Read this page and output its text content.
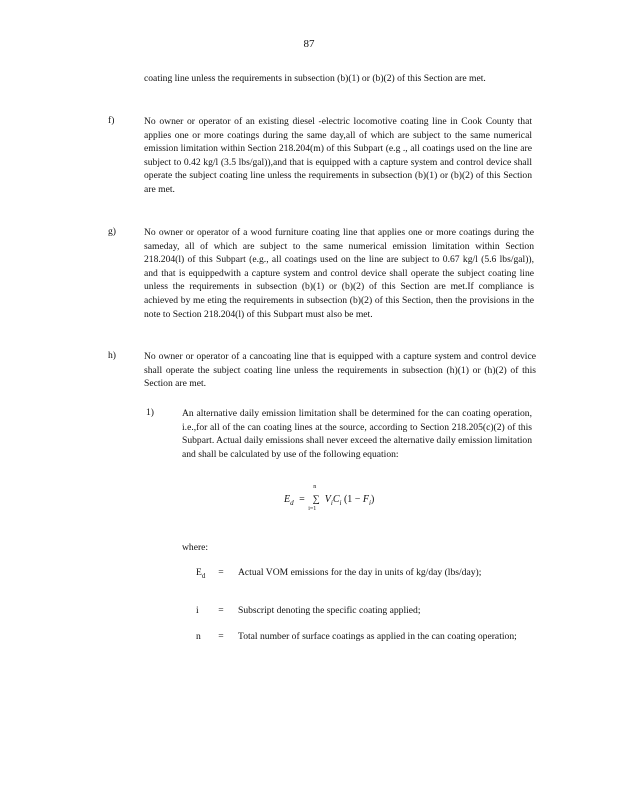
87
coating line unless the requirements in subsection (b)(1) or (b)(2) of this Section are met.
f)	No owner or operator of an existing diesel -electric locomotive coating line in Cook County that applies one or more coatings during the same day,all of which are subject to the same numerical emission limitation within Section 218.204(m) of this Subpart (e.g ., all coatings used on the line are subject to 0.42 kg/l (3.5 lbs/gal)),and that is equipped with a capture system and control device shall operate the subject coating line unless the requirements in subsection (b)(1) or (b)(2) of this Section are met.
g)	No owner or operator of a wood furniture coating line that applies one or more coatings during the sameday, all of which are subject to the same numerical emission limitation within Section 218.204(l) of this Subpart (e.g., all coatings used on the line are subject to 0.67 kg/l (5.6 lbs/gal)), and that is equippedwith a capture system and control device shall operate the subject coating line unless the requirements in subsection (b)(1) or (b)(2) of this Section are met.If compliance is achieved by me eting the requirements in subsection (b)(2) of this Section, then the provisions in the note to Section 218.204(l) of this Subpart must also be met.
h)	No owner or operator of a cancoating line that is equipped with a capture system and control device shall operate the subject coating line unless the requirements in subsection (h)(1) or (h)(2) of this Section are met.
1)	An alternative daily emission limitation shall be determined for the can coating operation, i.e.,for all of the can coating lines at the source, according to Section 218.205(c)(2) of this Subpart. Actual daily emissions shall never exceed the alternative daily emission limitation and shall be calculated by use of the following equation:
$E_d$ =
n
∑
i=1
$V_iC_i$ $(1 - F_i)$
where:
$E_d$	= Actual VOM emissions for the day in units of kg/day (lbs/day);
i	= Subscript denoting the specific coating applied;
n	= Total number of surface coatings as applied in the can coating operation;
